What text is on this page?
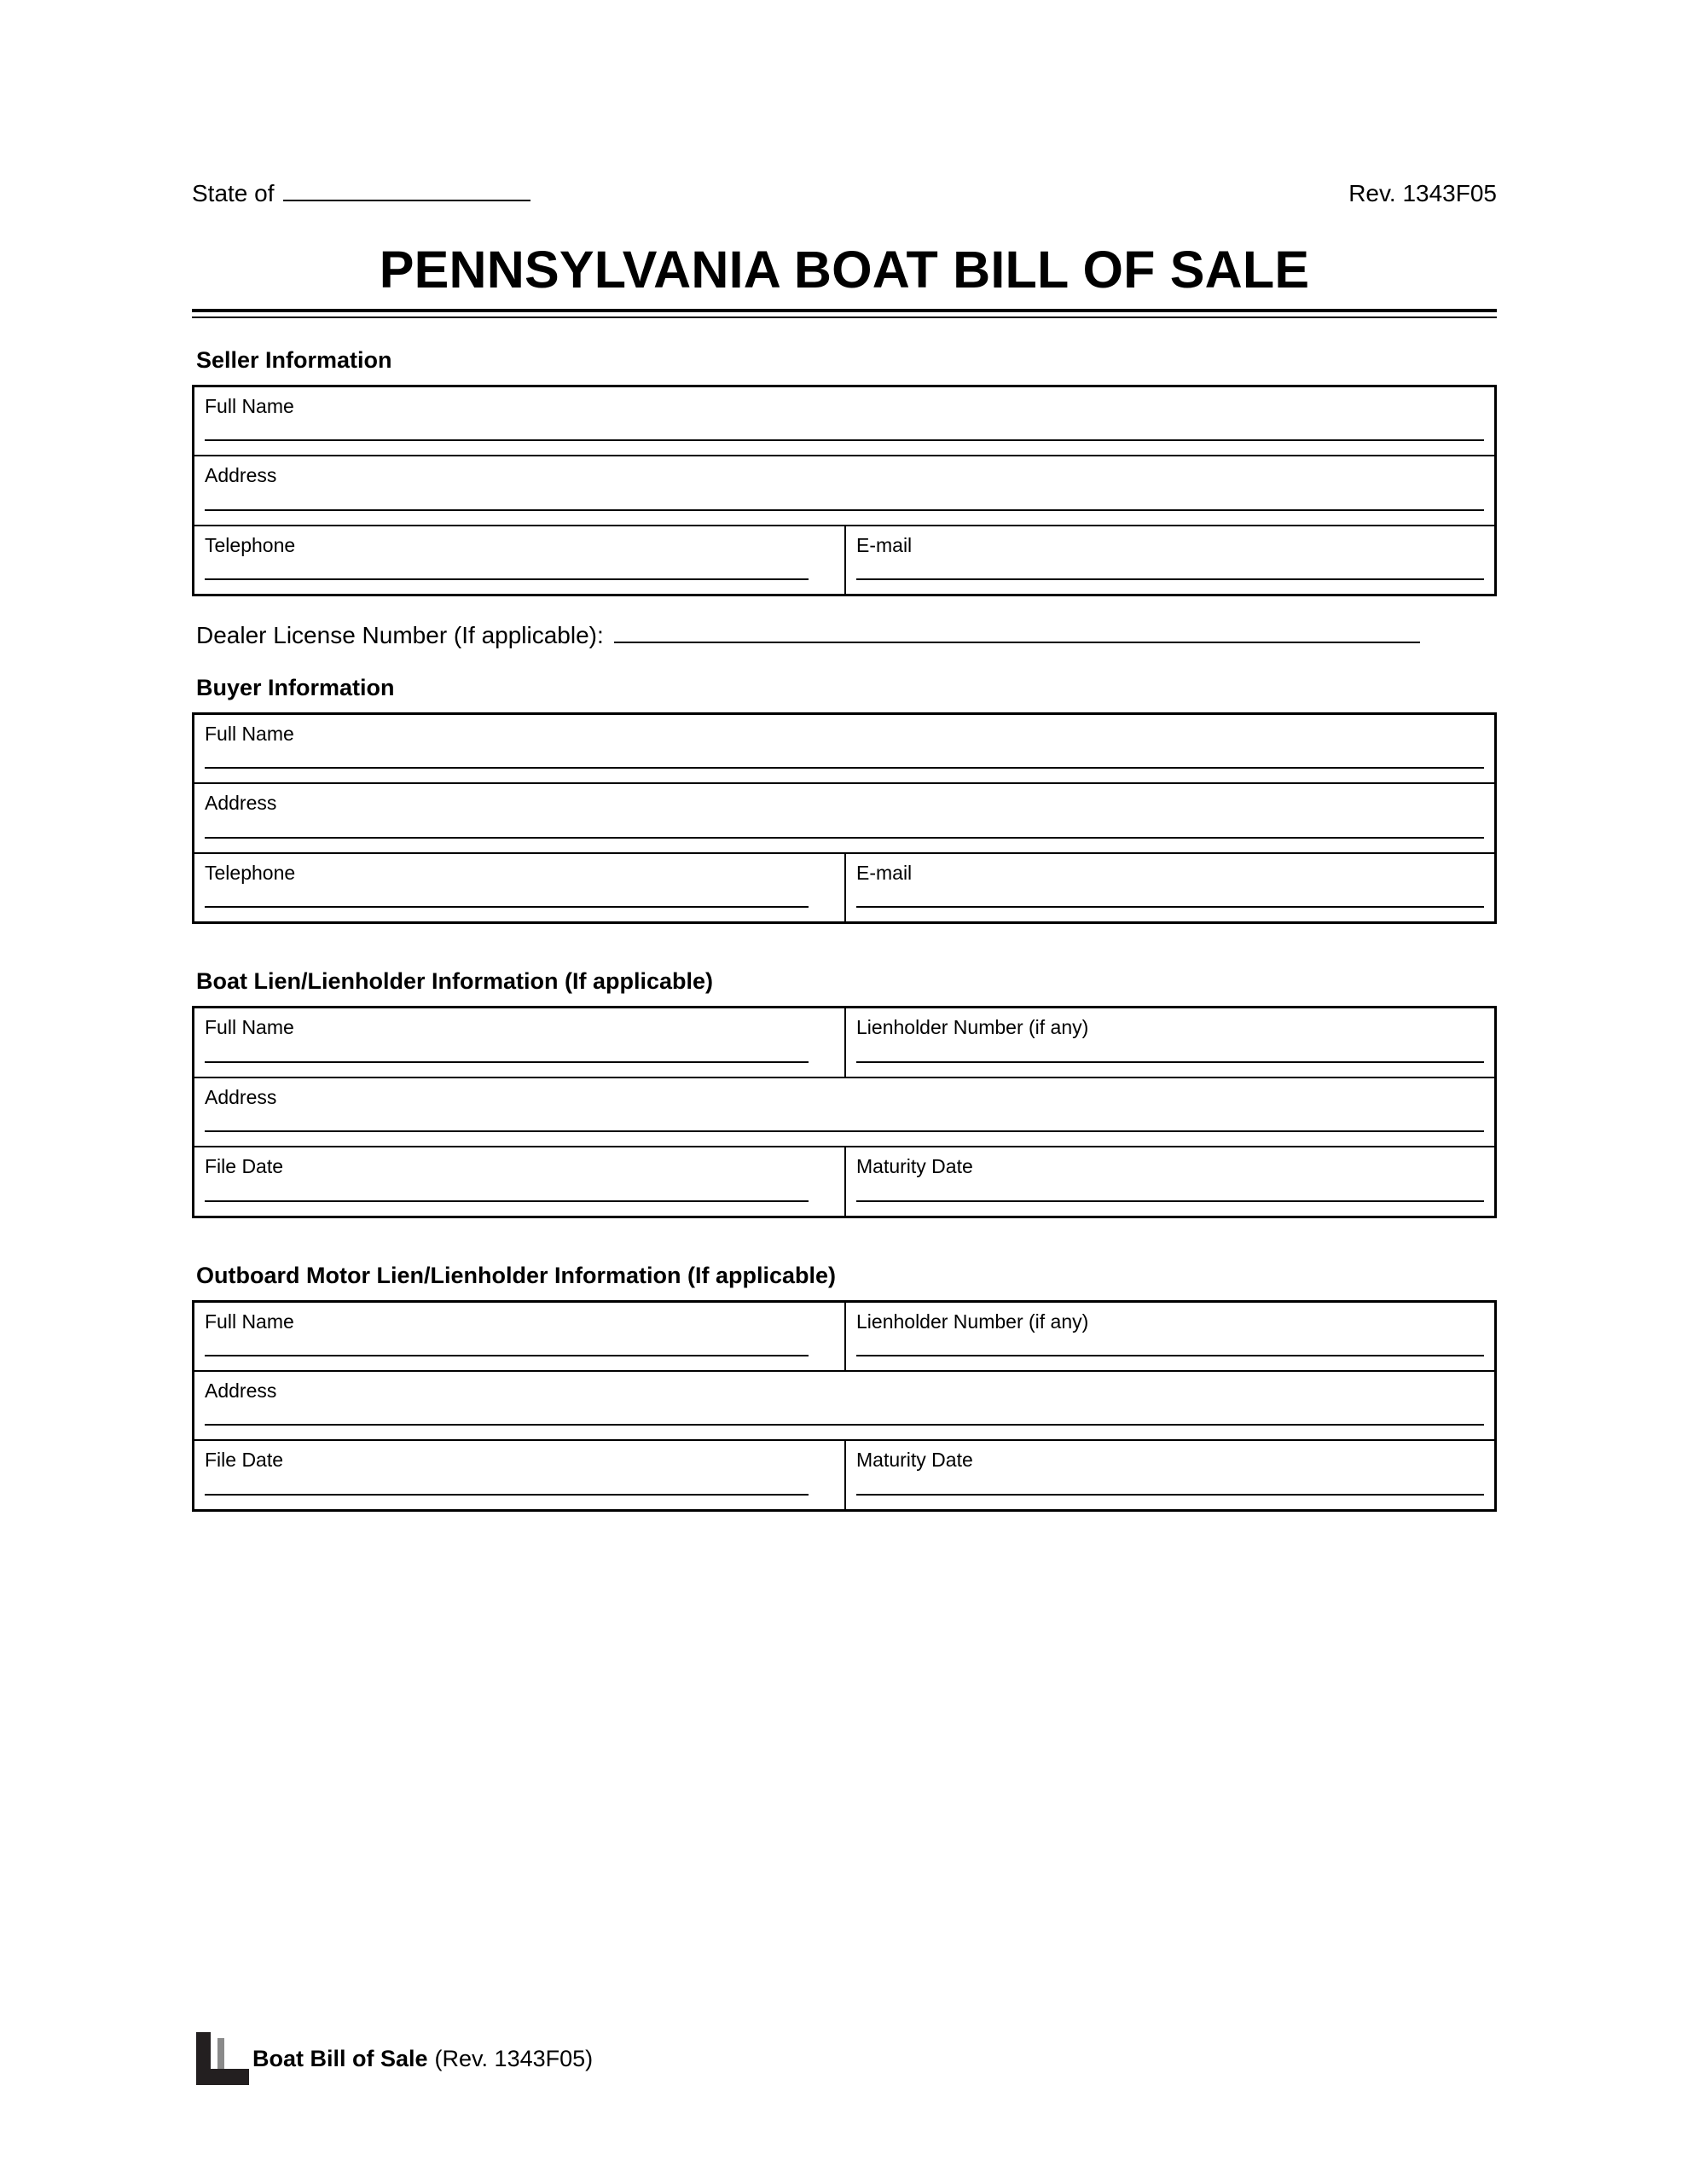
State of	Rev. 1343F05
PENNSYLVANIA BOAT BILL OF SALE
Seller Information
Full Name
Address
Telephone	E-mail
Dealer License Number (If applicable):
Buyer Information
Full Name
Address
Telephone	E-mail
Boat Lien/Lienholder Information (If applicable)
Full Name	Lienholder Number (if any)
Address
File Date	Maturity Date
Outboard Motor Lien/Lienholder Information (If applicable)
Full Name	Lienholder Number (if any)
Address
File Date	Maturity Date
Boat Bill of Sale (Rev. 1343F05)
